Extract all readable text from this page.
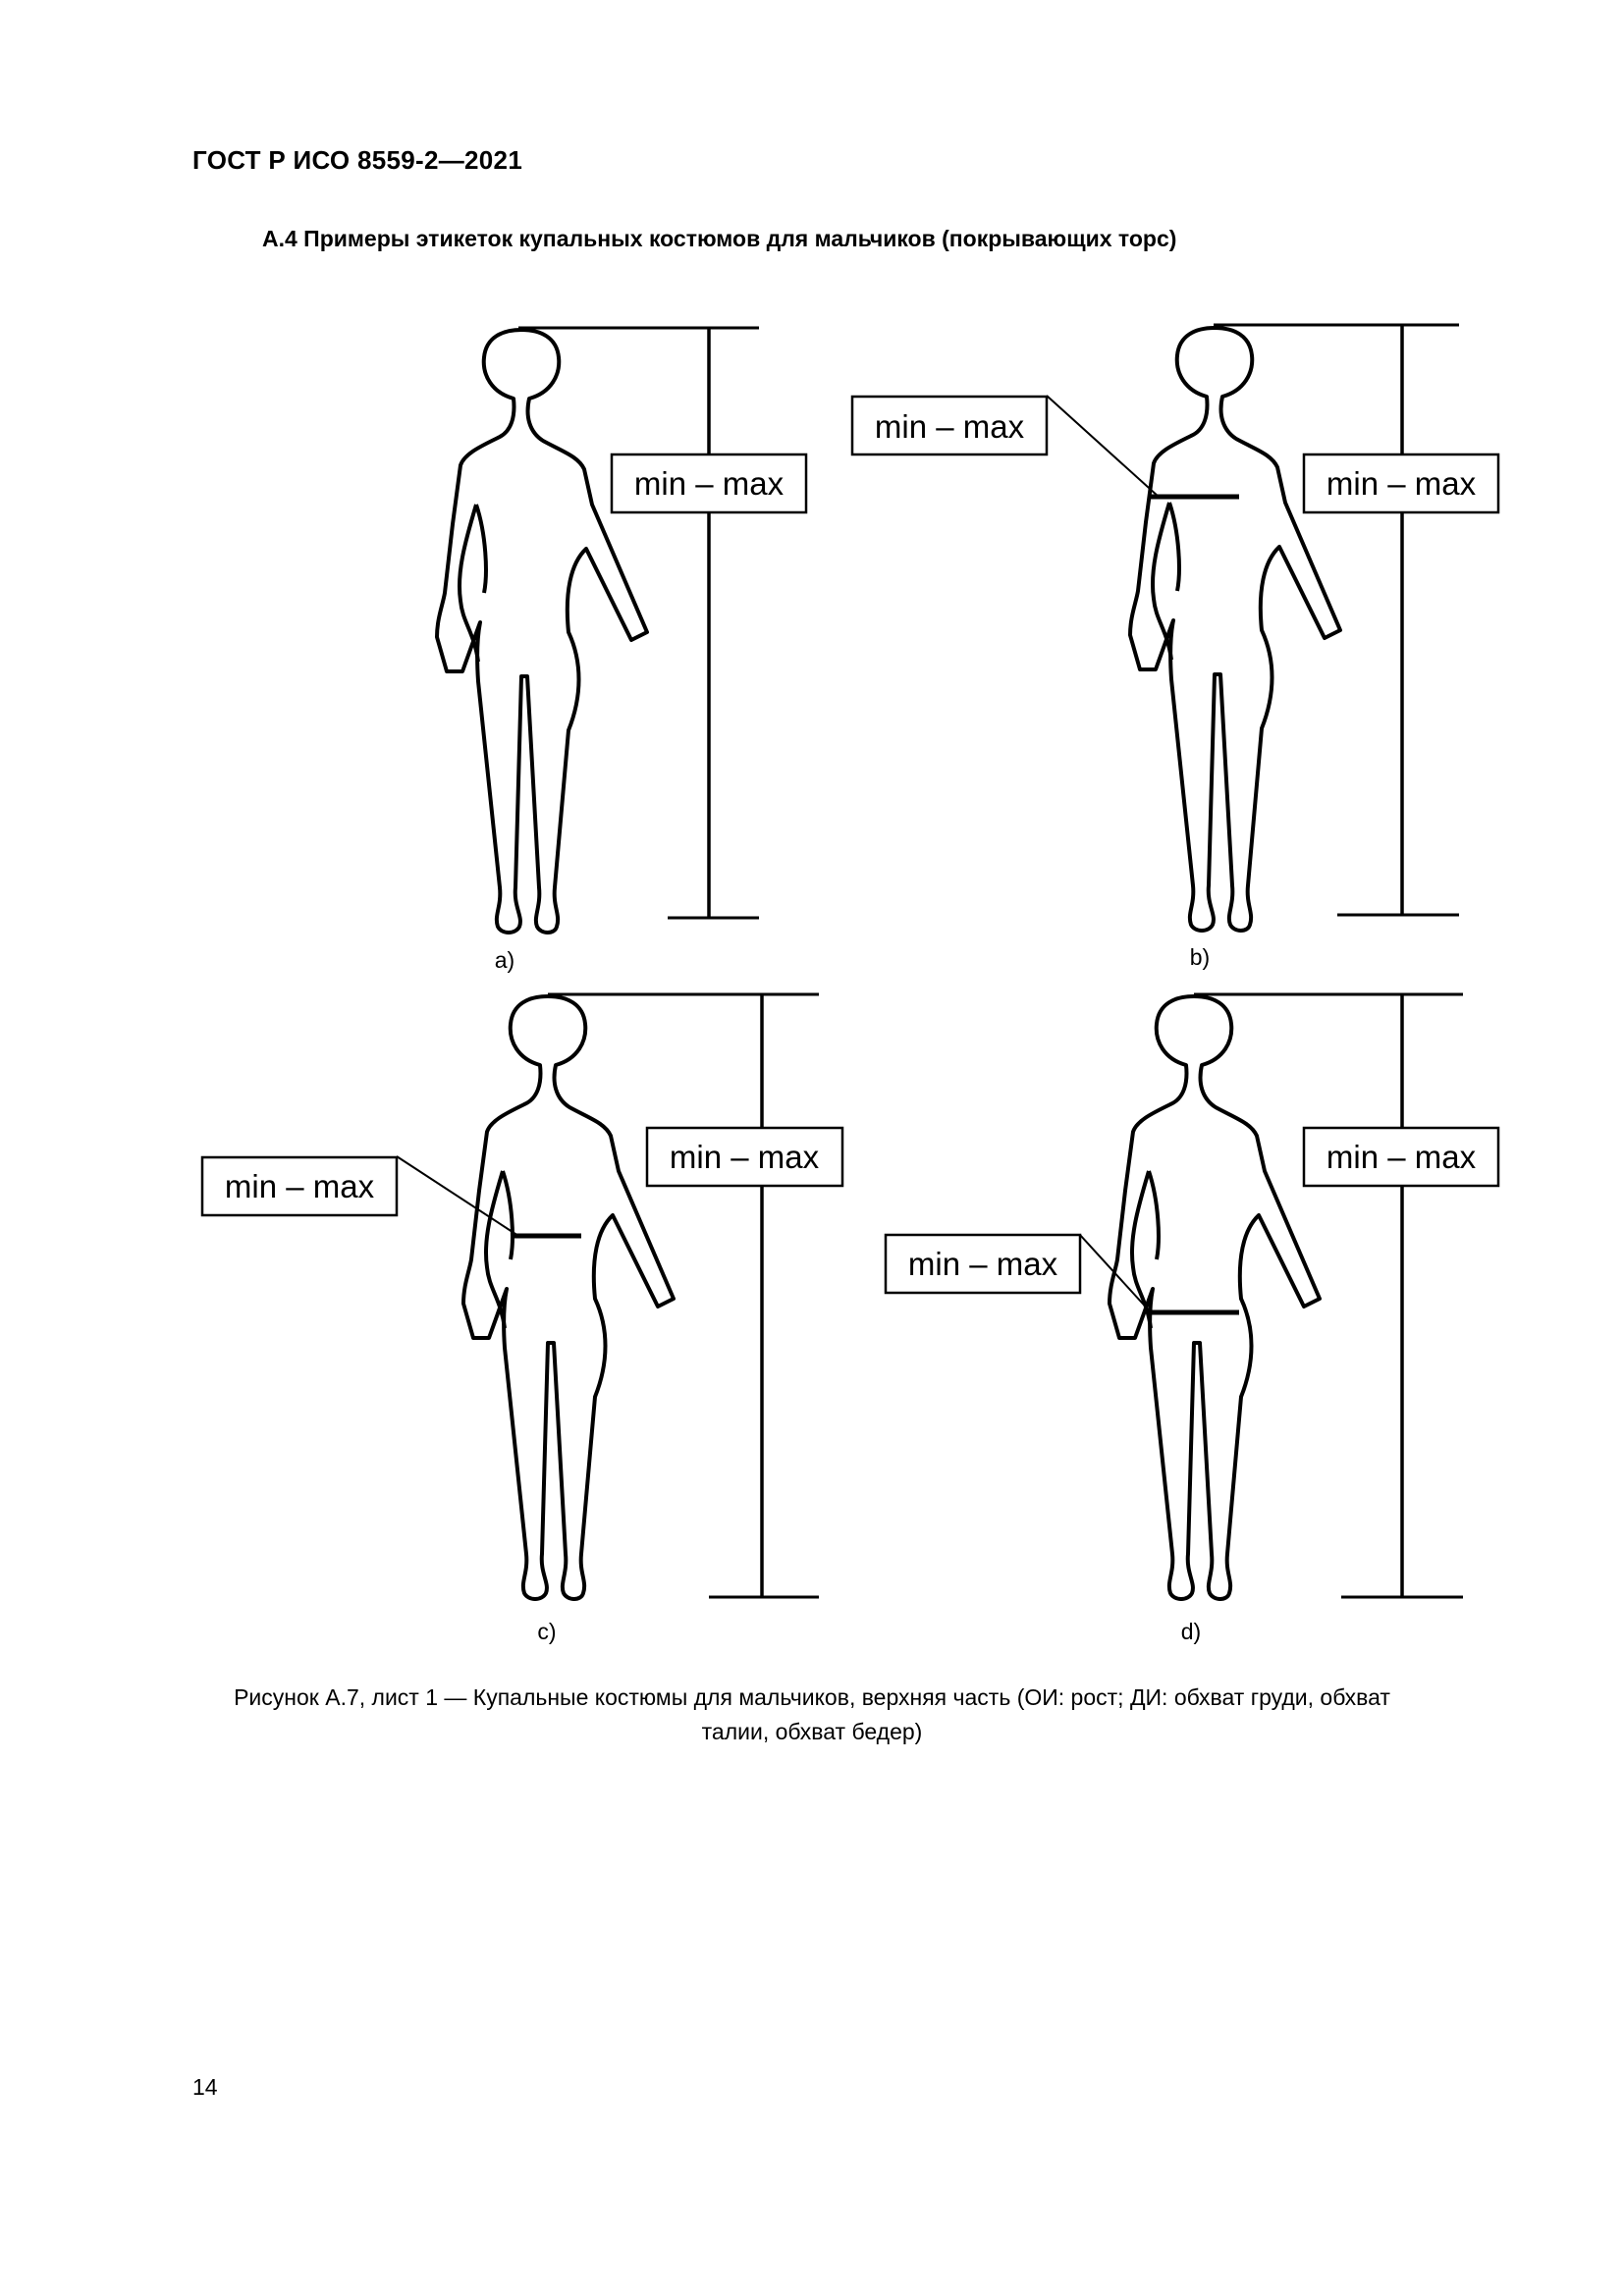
ГОСТ Р ИСО 8559-2—2021
А.4 Примеры этикеток купальных костюмов для мальчиков (покрывающих торс)
min – max
a)
min – max
min – max
b)
min – max
min – max
c)
min – max
min – max
d)
Рисунок А.7, лист 1 — Купальные костюмы для мальчиков, верхняя часть (ОИ: рост; ДИ: обхват груди, обхват
талии, обхват бедер)
14
